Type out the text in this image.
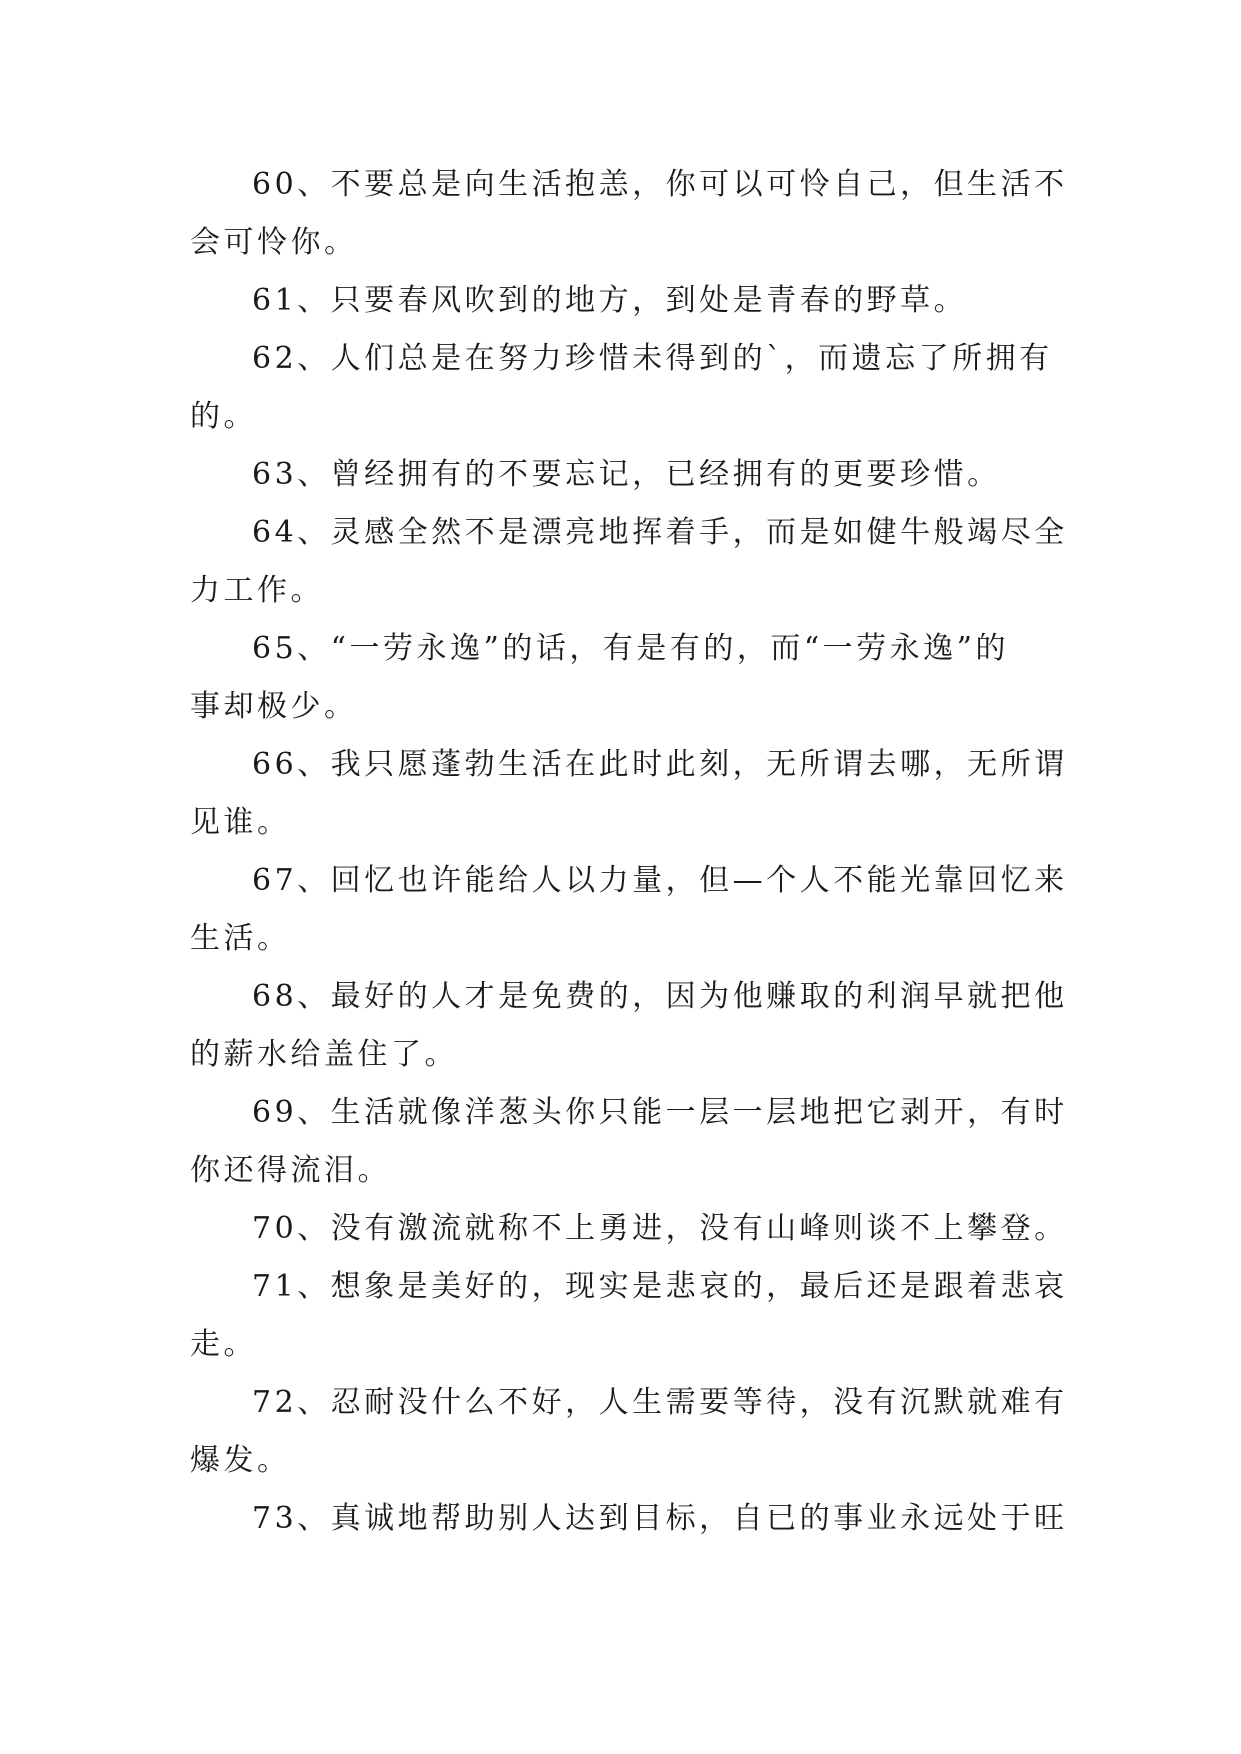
60、不要总是向生活抱恙，你可以可怜自己，但生活不
会可怜你。
61、只要春风吹到的地方，到处是青春的野草。
62、人们总是在努力珍惜未得到的`，而遗忘了所拥有
的。
63、曾经拥有的不要忘记，已经拥有的更要珍惜。
64、灵感全然不是漂亮地挥着手，而是如健牛般竭尽全
力工作。
65、“一劳永逸”的话，有是有的，而“一劳永逸”的
事却极少。
66、我只愿蓬勃生活在此时此刻，无所谓去哪，无所谓
见谁。
67、回忆也许能给人以力量，但—个人不能光靠回忆来
生活。
68、最好的人才是免费的，因为他赚取的利润早就把他
的薪水给盖住了。
69、生活就像洋葱头你只能一层一层地把它剥开，有时
你还得流泪。
70、没有激流就称不上勇进，没有山峰则谈不上攀登。
71、想象是美好的，现实是悲哀的，最后还是跟着悲哀
走。
72、忍耐没什么不好，人生需要等待，没有沉默就难有
爆发。
73、真诚地帮助别人达到目标，自已的事业永远处于旺
